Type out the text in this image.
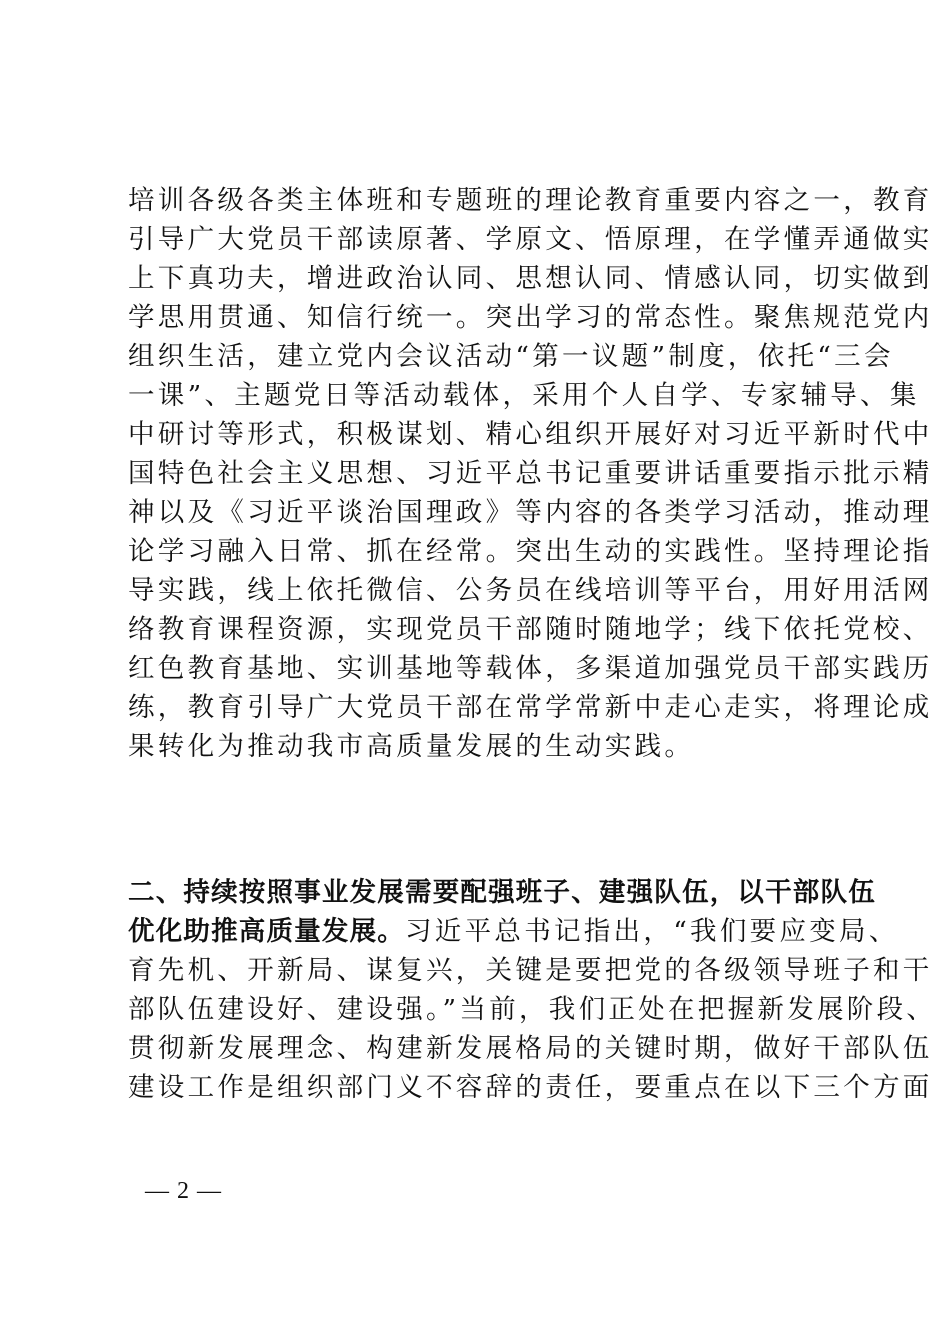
培训各级各类主体班和专题班的理论教育重要内容之一，教育
引导广大党员干部读原著、学原文、悟原理，在学懂弄通做实
上下真功夫，增进政治认同、思想认同、情感认同，切实做到
学思用贯通、知信行统一。突出学习的常态性。聚焦规范党内
组织生活，建立党内会议活动“第一议题”制度，依托“三会
一课”、主题党日等活动载体，采用个人自学、专家辅导、集
中研讨等形式，积极谋划、精心组织开展好对习近平新时代中
国特色社会主义思想、习近平总书记重要讲话重要指示批示精
神以及《习近平谈治国理政》等内容的各类学习活动，推动理
论学习融入日常、抓在经常。突出生动的实践性。坚持理论指
导实践，线上依托微信、公务员在线培训等平台，用好用活网
络教育课程资源，实现党员干部随时随地学；线下依托党校、
红色教育基地、实训基地等载体，多渠道加强党员干部实践历
练，教育引导广大党员干部在常学常新中走心走实，将理论成
果转化为推动我市高质量发展的生动实践。
二、持续按照事业发展需要配强班子、建强队伍，以干部队伍
优化助推高质量发展。习近平总书记指出，“我们要应变局、
育先机、开新局、谋复兴，关键是要把党的各级领导班子和干
部队伍建设好、建设强。”当前，我们正处在把握新发展阶段、
贯彻新发展理念、构建新发展格局的关键时期，做好干部队伍
建设工作是组织部门义不容辞的责任，要重点在以下三个方面
— 2 —
